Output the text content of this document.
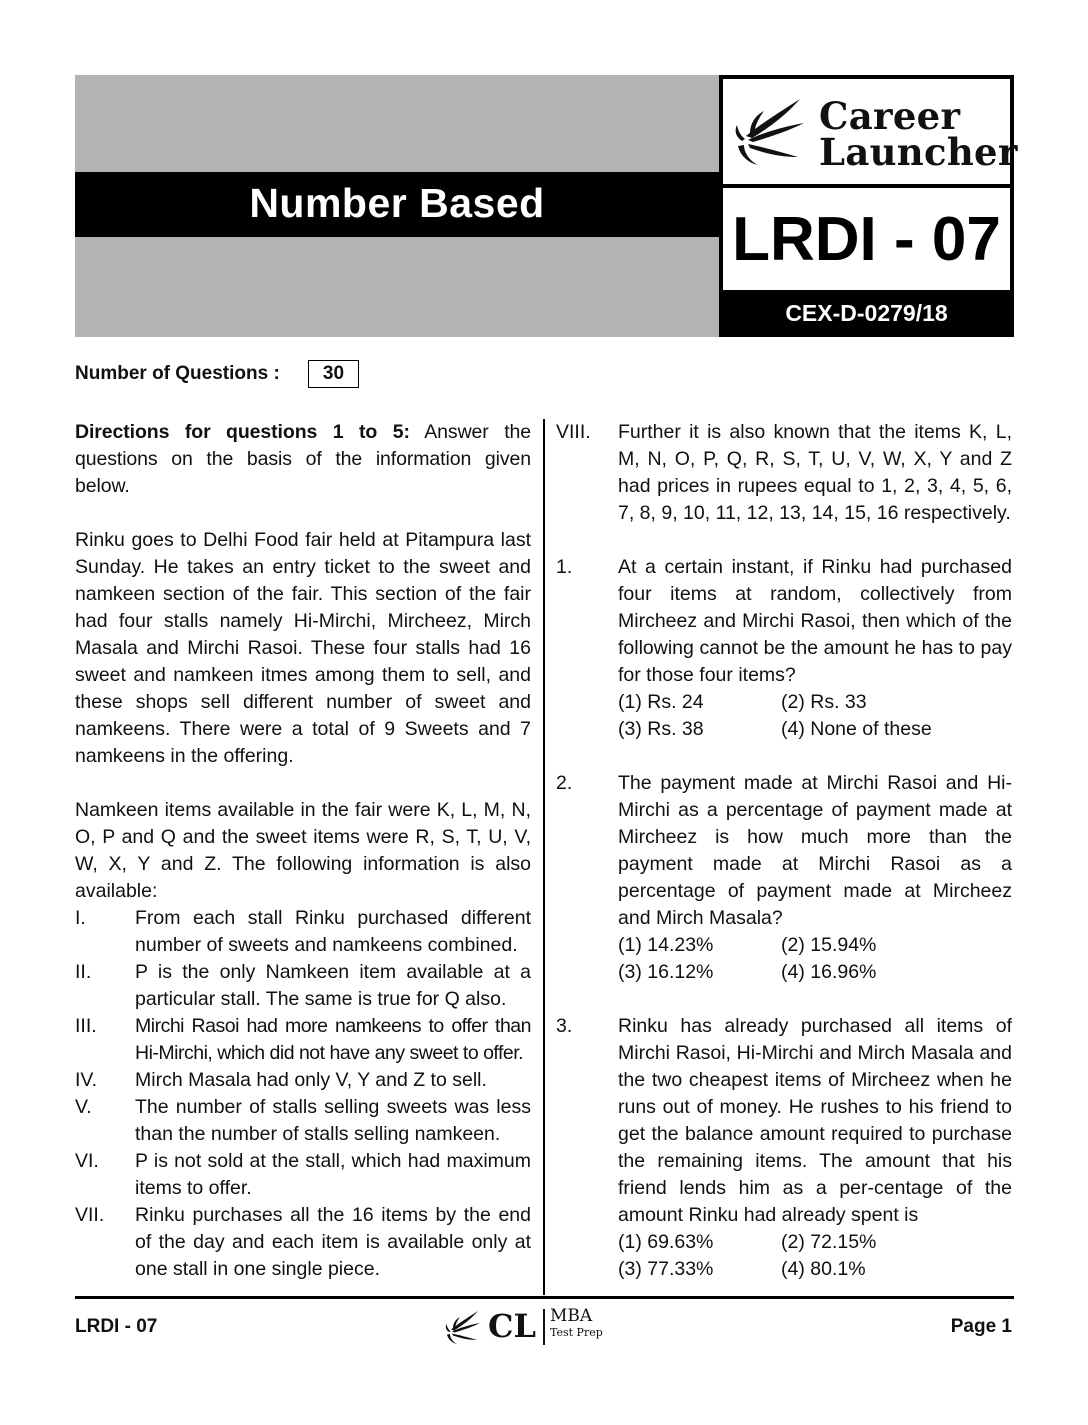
Number Based
Career
Launcher
LRDI - 07
CEX-D-0279/18
Number of Questions :	30

Directions for questions 1 to 5: Answer the questions on the basis of the information given below.

Rinku goes to Delhi Food fair held at Pitampura last Sunday. He takes an entry ticket to the sweet and namkeen section of the fair. This section of the fair had four stalls namely Hi-Mirchi, Mircheez, Mirch Masala and Mirchi Rasoi. These four stalls had 16 sweet and namkeen itmes among them to sell, and these shops sell different number of sweet and namkeens. There were a total of 9 Sweets and 7 namkeens in the offering.

Namkeen items available in the fair were K, L, M, N, O, P and Q and the sweet items were R, S, T, U, V, W, X, Y and Z. The following information is also available:

I.	From each stall Rinku purchased different number of sweets and namkeens combined.
II.	P is the only Namkeen item available at a particular stall. The same is true for Q also.
III.	Mirchi Rasoi had more namkeens to offer than Hi-Mirchi, which did not have any sweet to offer.
IV.	Mirch Masala had only V, Y and Z to sell.
V.	The number of stalls selling sweets was less than the number of stalls selling namkeen.
VI.	P is not sold at the stall, which had maximum items to offer.
VII.	Rinku purchases all the 16 items by the end of the day and each item is available only at one stall in one single piece.
VIII.	Further it is also known that the items K, L, M, N, O, P, Q, R, S, T, U, V, W, X, Y and Z had prices in rupees equal to 1, 2, 3, 4, 5, 6, 7, 8, 9, 10, 11, 12, 13, 14, 15, 16 respectively.
1.	At a certain instant, if Rinku had purchased four items at random, collectively from Mircheez and Mirchi Rasoi, then which of the following cannot be the amount he has to pay for those four items?

(1) Rs. 24	(2) Rs. 33
(3) Rs. 38	(4) None of these
2.	The payment made at Mirchi Rasoi and Hi-Mirchi as a percentage of payment made at Mircheez is how much more than the payment made at Mirchi Rasoi as a percentage of payment made at Mircheez and Mirch Masala?

(1) 14.23%	(2) 15.94%
(3) 16.12%	(4) 16.96%
3.	Rinku has already purchased all items of Mirchi Rasoi, Hi-Mirchi and Mirch Masala and the two cheapest items of Mircheez when he runs out of money. He rushes to his friend to get the balance amount required to purchase the remaining items. The amount that his friend lends him as a per-centage of the amount Rinku had already spent is

(1) 69.63%	(2) 72.15%
(3) 77.33%	(4) 80.1%
LRDI - 07	CL MBA
Test Prep	Page 1
